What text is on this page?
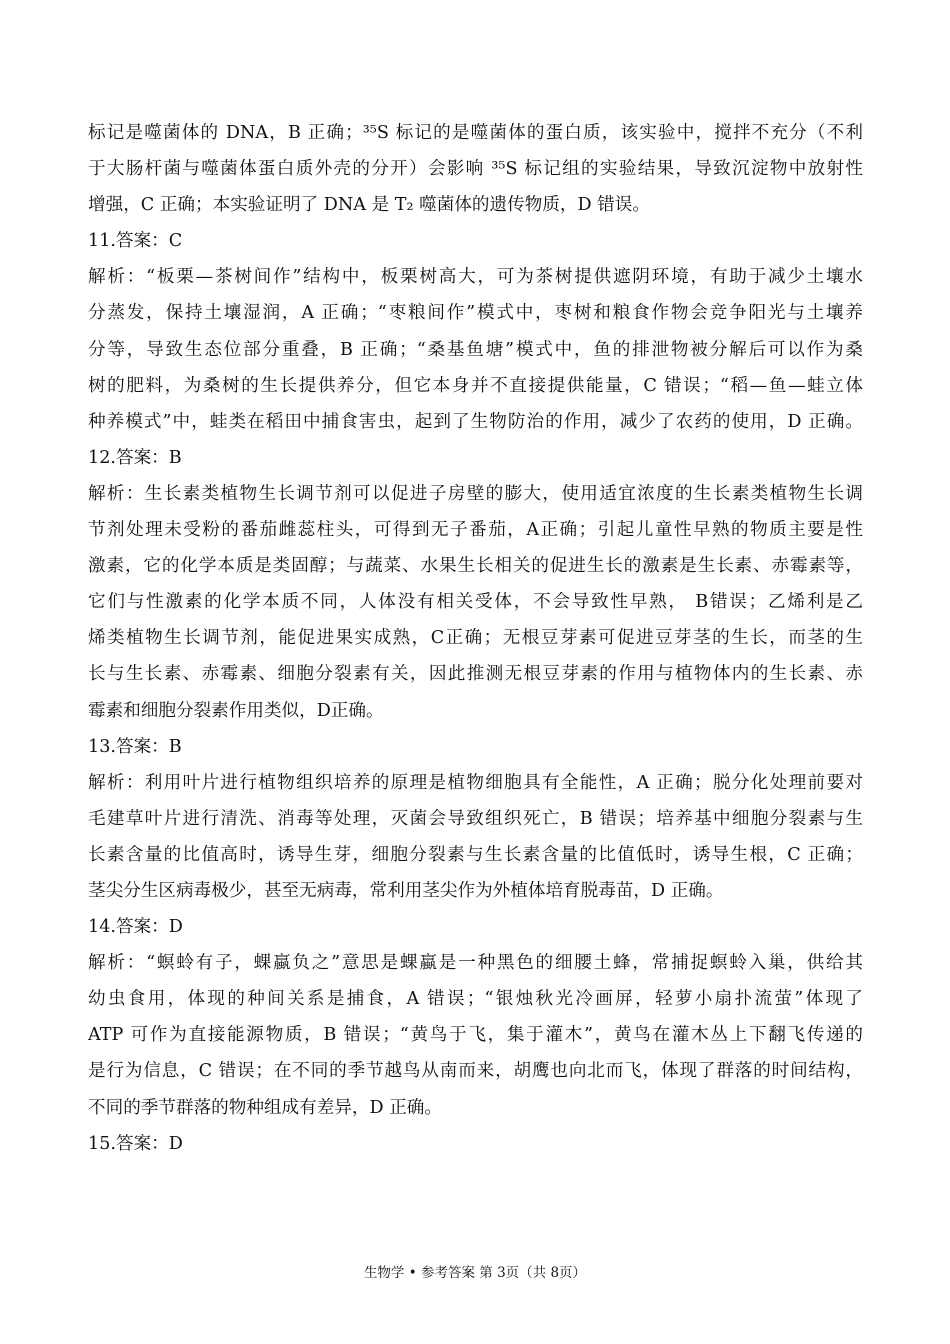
标记是噬菌体的 DNA，B 正确；³⁵S 标记的是噬菌体的蛋白质，该实验中，搅拌不充分（不利
于大肠杆菌与噬菌体蛋白质外壳的分开）会影响 ³⁵S 标记组的实验结果，导致沉淀物中放射性
增强，C 正确；本实验证明了 DNA 是 T₂ 噬菌体的遗传物质，D 错误。
11.答案：C
解析：“板栗—茶树间作”结构中，板栗树高大，可为茶树提供遮阴环境，有助于减少土壤水
分蒸发，保持土壤湿润，A 正确；“枣粮间作”模式中，枣树和粮食作物会竞争阳光与土壤养
分等，导致生态位部分重叠，B 正确；“桑基鱼塘”模式中，鱼的排泄物被分解后可以作为桑
树的肥料，为桑树的生长提供养分，但它本身并不直接提供能量，C 错误；“稻—鱼—蛙立体
种养模式”中，蛙类在稻田中捕食害虫，起到了生物防治的作用，减少了农药的使用，D 正确。
12.答案：B
解析：生长素类植物生长调节剂可以促进子房壁的膨大，使用适宜浓度的生长素类植物生长调
节剂处理未受粉的番茄雌蕊柱头，可得到无子番茄，A正确；引起儿童性早熟的物质主要是性
激素，它的化学本质是类固醇；与蔬菜、水果生长相关的促进生长的激素是生长素、赤霉素等，
它们与性激素的化学本质不同，人体没有相关受体，不会导致性早熟， B错误；乙烯利是乙
烯类植物生长调节剂，能促进果实成熟，C正确；无根豆芽素可促进豆芽茎的生长，而茎的生
长与生长素、赤霉素、细胞分裂素有关，因此推测无根豆芽素的作用与植物体内的生长素、赤
霉素和细胞分裂素作用类似，D正确。
13.答案：B
解析：利用叶片进行植物组织培养的原理是植物细胞具有全能性，A 正确；脱分化处理前要对
毛建草叶片进行清洗、消毒等处理，灭菌会导致组织死亡，B 错误；培养基中细胞分裂素与生
长素含量的比值高时，诱导生芽，细胞分裂素与生长素含量的比值低时，诱导生根，C 正确；
茎尖分生区病毒极少，甚至无病毒，常利用茎尖作为外植体培育脱毒苗，D 正确。
14.答案：D
解析：“螟蛉有子，蜾蠃负之”意思是蜾蠃是一种黑色的细腰土蜂，常捕捉螟蛉入巢，供给其
幼虫食用，体现的种间关系是捕食，A 错误；“银烛秋光冷画屏，轻萝小扇扑流萤”体现了
ATP 可作为直接能源物质，B 错误；“黄鸟于飞，集于灌木”，黄鸟在灌木丛上下翻飞传递的
是行为信息，C 错误；在不同的季节越鸟从南而来，胡鹰也向北而飞，体现了群落的时间结构，
不同的季节群落的物种组成有差异，D 正确。
15.答案：D
生物学 • 参考答案 第 3页（共 8页）
